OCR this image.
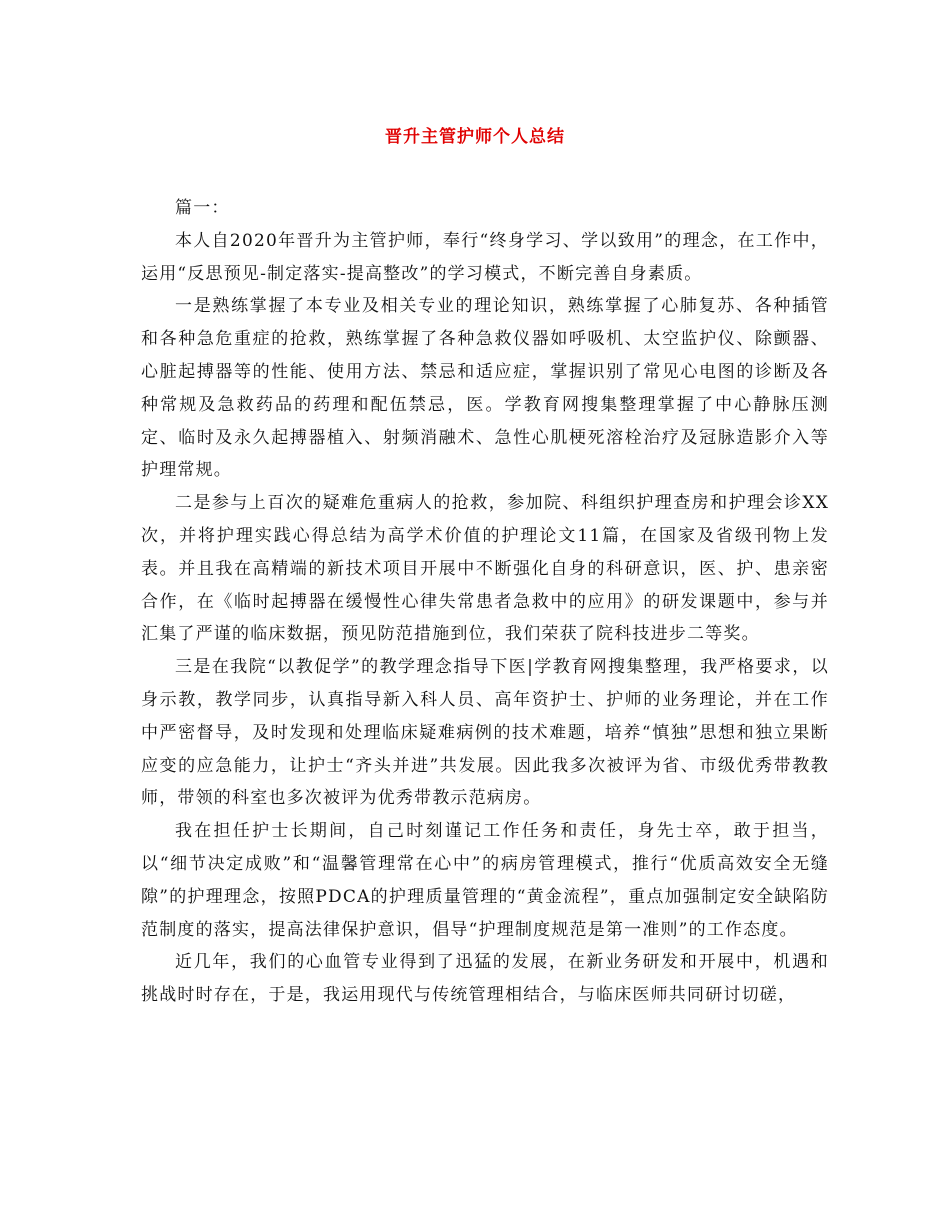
晋升主管护师个人总结

篇一：

本人自2020年晋升为主管护师，奉行“终身学习、学以致用”的理念，在工作中，运用“反思预见-制定落实-提高整改”的学习模式，不断完善自身素质。

一是熟练掌握了本专业及相关专业的理论知识，熟练掌握了心肺复苏、各种插管和各种急危重症的抢救，熟练掌握了各种急救仪器如呼吸机、太空监护仪、除颤器、心脏起搏器等的性能、使用方法、禁忌和适应症，掌握识别了常见心电图的诊断及各种常规及急救药品的药理和配伍禁忌，医。学教育网搜集整理掌握了中心静脉压测定、临时及永久起搏器植入、射频消融术、急性心肌梗死溶栓治疗及冠脉造影介入等护理常规。

二是参与上百次的疑难危重病人的抢救，参加院、科组织护理查房和护理会诊XX次，并将护理实践心得总结为高学术价值的护理论文11篇，在国家及省级刊物上发表。并且我在高精端的新技术项目开展中不断强化自身的科研意识，医、护、患亲密合作，在《临时起搏器在缓慢性心律失常患者急救中的应用》的研发课题中，参与并汇集了严谨的临床数据，预见防范措施到位，我们荣获了院科技进步二等奖。

三是在我院“以教促学”的教学理念指导下医|学教育网搜集整理，我严格要求，以身示教，教学同步，认真指导新入科人员、高年资护士、护师的业务理论，并在工作中严密督导，及时发现和处理临床疑难病例的技术难题，培养“慎独”思想和独立果断应变的应急能力，让护士“齐头并进”共发展。因此我多次被评为省、市级优秀带教教师，带领的科室也多次被评为优秀带教示范病房。

我在担任护士长期间，自己时刻谨记工作任务和责任，身先士卒，敢于担当，以“细节决定成败”和“温馨管理常在心中”的病房管理模式，推行“优质高效安全无缝隙”的护理理念，按照PDCA的护理质量管理的“黄金流程”，重点加强制定安全缺陷防范制度的落实，提高法律保护意识，倡导“护理制度规范是第一准则”的工作态度。

近几年，我们的心血管专业得到了迅猛的发展，在新业务研发和开展中，机遇和挑战时时存在，于是，我运用现代与传统管理相结合，与临床医师共同研讨切磋，
